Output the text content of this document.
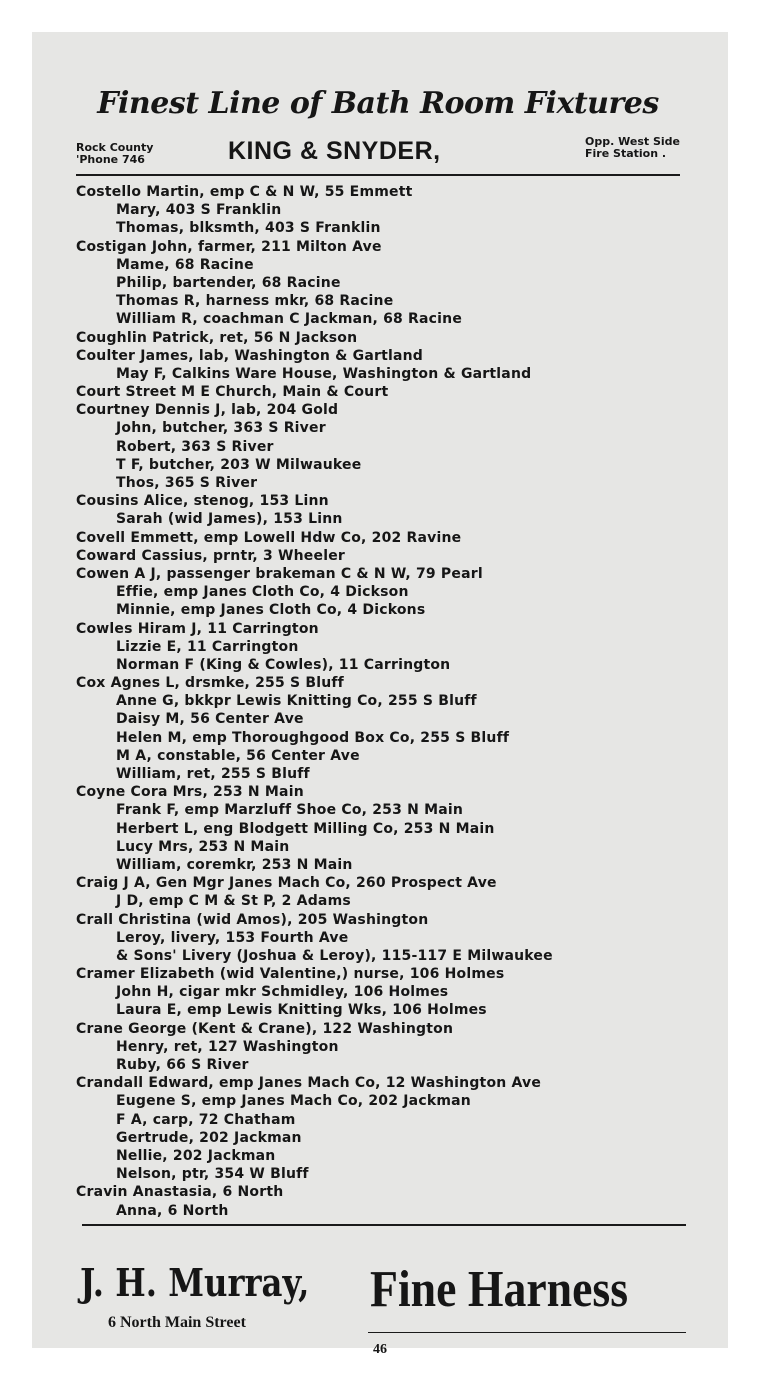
Finest Line of Bath Room Fixtures
Rock County
'Phone 746	KING & SNYDER,	Opp. West Side
Fire Station .
Costello Martin, emp C & N W, 55 Emmett
Mary, 403 S Franklin
Thomas, blksmth, 403 S Franklin
Costigan John, farmer, 211 Milton Ave
Mame, 68 Racine
Philip, bartender, 68 Racine
Thomas R, harness mkr, 68 Racine
William R, coachman C Jackman, 68 Racine
Coughlin Patrick, ret, 56 N Jackson
Coulter James, lab, Washington & Gartland
May F, Calkins Ware House, Washington & Gartland
Court Street M E Church, Main & Court
Courtney Dennis J, lab, 204 Gold
John, butcher, 363 S River
Robert, 363 S River
T F, butcher, 203 W Milwaukee
Thos, 365 S River
Cousins Alice, stenog, 153 Linn
Sarah (wid James), 153 Linn
Covell Emmett, emp Lowell Hdw Co, 202 Ravine
Coward Cassius, prntr, 3 Wheeler
Cowen A J, passenger brakeman C & N W, 79 Pearl
Effie, emp Janes Cloth Co, 4 Dickson
Minnie, emp Janes Cloth Co, 4 Dickons
Cowles Hiram J, 11 Carrington
Lizzie E, 11 Carrington
Norman F (King & Cowles), 11 Carrington
Cox Agnes L, drsmke, 255 S Bluff
Anne G, bkkpr Lewis Knitting Co, 255 S Bluff
Daisy M, 56 Center Ave
Helen M, emp Thoroughgood Box Co, 255 S Bluff
M A, constable, 56 Center Ave
William, ret, 255 S Bluff
Coyne Cora Mrs, 253 N Main
Frank F, emp Marzluff Shoe Co, 253 N Main
Herbert L, eng Blodgett Milling Co, 253 N Main
Lucy Mrs, 253 N Main
William, coremkr, 253 N Main
Craig J A, Gen Mgr Janes Mach Co, 260 Prospect Ave
J D, emp C M & St P, 2 Adams
Crall Christina (wid Amos), 205 Washington
Leroy, livery, 153 Fourth Ave
& Sons' Livery (Joshua & Leroy), 115-117 E Milwaukee
Cramer Elizabeth (wid Valentine,) nurse, 106 Holmes
John H, cigar mkr Schmidley, 106 Holmes
Laura E, emp Lewis Knitting Wks, 106 Holmes
Crane George (Kent & Crane), 122 Washington
Henry, ret, 127 Washington
Ruby, 66 S River
Crandall Edward, emp Janes Mach Co, 12 Washington Ave
Eugene S, emp Janes Mach Co, 202 Jackman
F A, carp, 72 Chatham
Gertrude, 202 Jackman
Nellie, 202 Jackman
Nelson, ptr, 354 W Bluff
Cravin Anastasia, 6 North
Anna, 6 North

J. H. Murray,

6 North Main Street

Fine Harness

46
